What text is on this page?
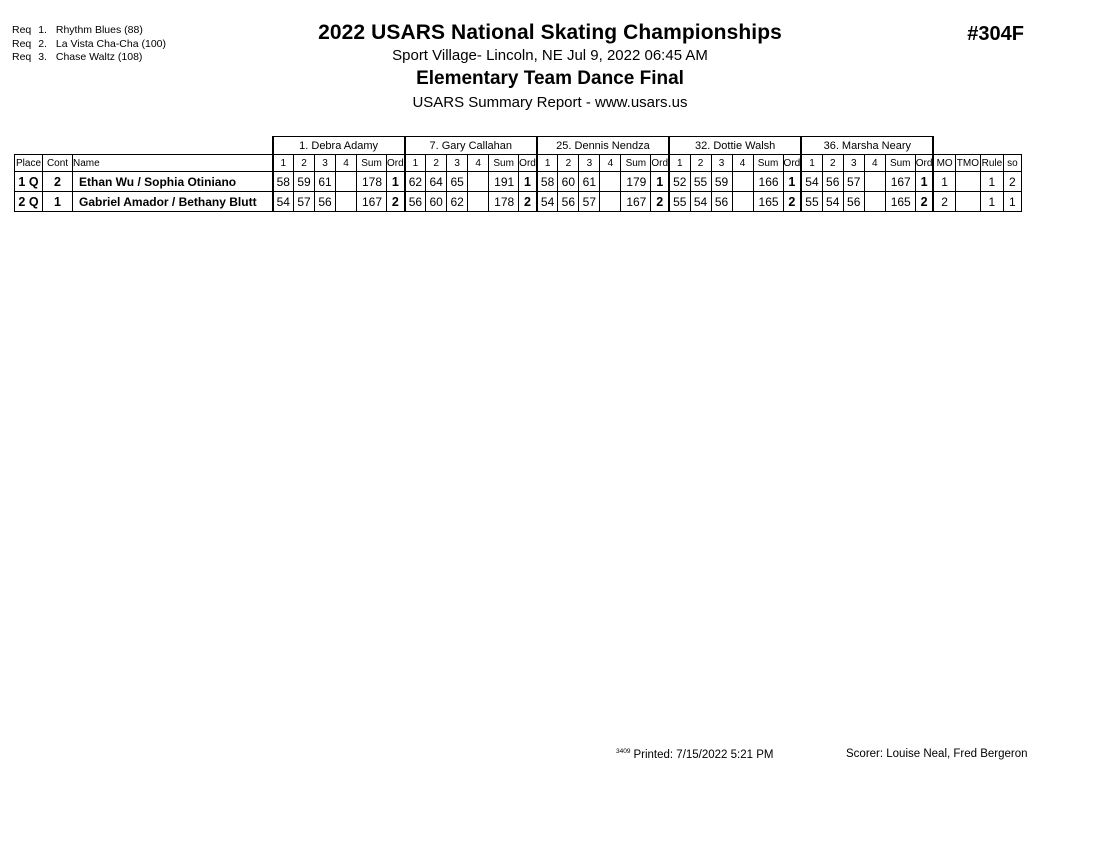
Req 1. Rhythm Blues (88)
Req 2. La Vista Cha-Cha (100)
Req 3. Chase Waltz (108)
2022 USARS National Skating Championships
Sport Village- Lincoln, NE Jul 9, 2022 06:45 AM
Elementary Team Dance Final
USARS Summary Report - www.usars.us
#304F
			1. Debra Adamy						7. Gary Callahan						25. Dennis Nendza						32. Dottie Walsh						36. Marsha Neary									
Place	Cont	Name	1	2	3	4	Sum	Ord	1	2	3	4	Sum	Ord	1	2	3	4	Sum	Ord	1	2	3	4	Sum	Ord	1	2	3	4	Sum	Ord	MO	TMO	Rule	so
1 Q	2	Ethan Wu / Sophia Otiniano	58	59	61		178	1	62	64	65		191	1	58	60	61		179	1	52	55	59		166	1	54	56	57		167	1	1		1	2
2 Q	1	Gabriel Amador / Bethany Blutt	54	57	56		167	2	56	60	62		178	2	54	56	57		167	2	55	54	56		165	2	55	54	56		165	2	2		1	1
$^{3409}$ Printed: 7/15/2022 5:21 PM	Scorer: Louise Neal, Fred Bergeron
